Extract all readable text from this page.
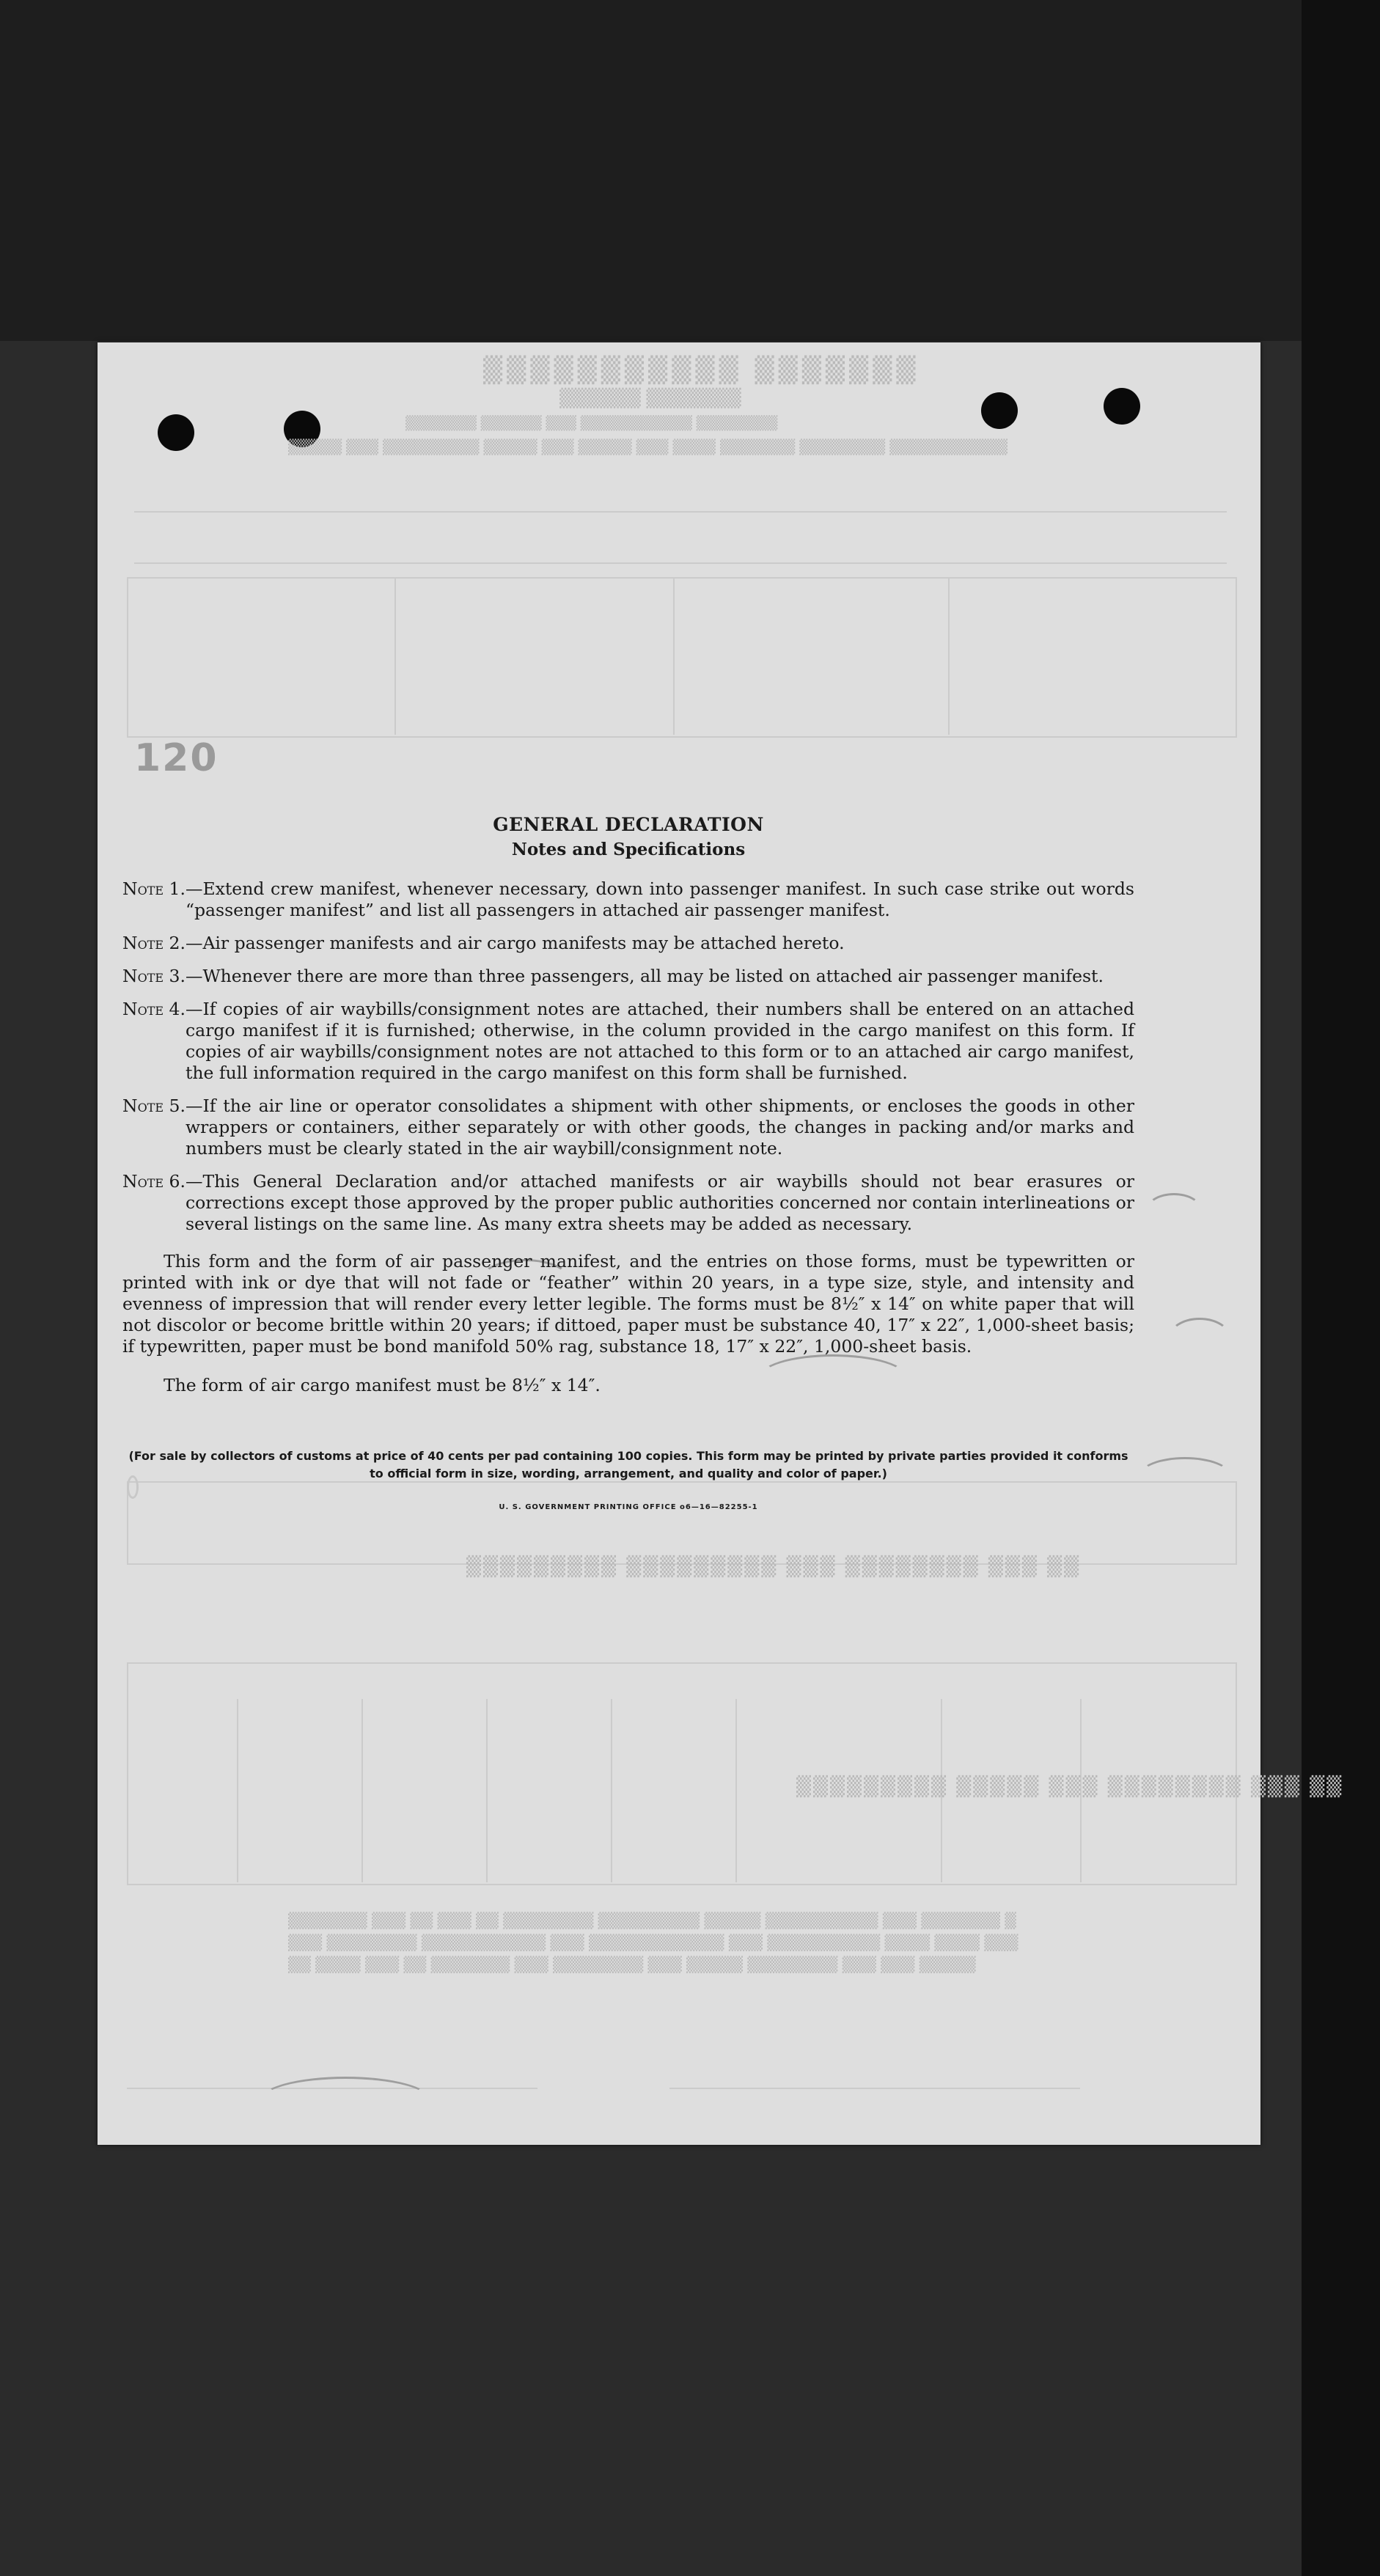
▒▒▒▒▒▒▒ ▒▒▒▒▒▒▒▒▒▒▒
▒▒▒▒▒▒▒ ▒▒▒▒▒▒
▒▒▒▒▒▒▒▒ ▒▒▒▒▒▒▒▒▒▒▒ ▒▒▒ ▒▒▒▒▒▒ ▒▒▒▒▒▒▒
▒▒▒▒▒▒▒▒▒▒▒ ▒▒▒▒▒▒▒▒ ▒▒▒▒▒▒▒ ▒▒▒▒ ▒▒▒ ▒▒▒▒▒ ▒▒▒ ▒▒▒▒▒ ▒▒▒▒▒▒▒▒▒ ▒▒▒ ▒▒▒▒▒
▒▒ ▒▒▒ ▒▒▒▒▒▒▒▒ ▒▒▒ ▒▒▒▒▒▒▒▒▒ ▒▒▒▒▒▒▒▒▒
▒▒ ▒▒▒ ▒▒▒▒▒▒▒▒ ▒▒▒ ▒▒▒▒▒ ▒▒▒▒▒▒▒▒▒
▒ ▒▒▒▒▒▒▒ ▒▒▒ ▒▒▒▒▒▒▒▒▒▒ ▒▒▒▒▒ ▒▒▒▒▒▒▒▒▒ ▒▒▒▒▒▒▒▒ ▒▒ ▒▒▒ ▒▒ ▒▒▒ ▒▒▒▒▒▒▒
▒▒▒ ▒▒▒▒ ▒▒▒▒ ▒▒▒▒▒▒▒▒▒▒ ▒▒▒ ▒▒▒▒▒▒▒▒▒▒▒▒ ▒▒▒ ▒▒▒▒▒▒▒▒▒▒▒ ▒▒▒▒▒▒▒▒ ▒▒▒
▒▒▒▒▒ ▒▒▒ ▒▒▒ ▒▒▒▒▒▒▒▒ ▒▒▒▒▒ ▒▒▒ ▒▒▒▒▒▒▒▒ ▒▒▒ ▒▒▒▒▒▒▒ ▒▒ ▒▒▒ ▒▒▒▒ ▒▒
120
GENERAL DECLARATION
Notes and Specifications
Note 1. —Extend crew manifest, whenever necessary, down into passenger manifest. In such case strike out words “passenger manifest” and list all passengers in attached air passenger manifest.
Note 2. —Air passenger manifests and air cargo manifests may be attached hereto.
Note 3. —Whenever there are more than three passengers, all may be listed on attached air passenger manifest.
Note 4. —If copies of air waybills/consignment notes are attached, their numbers shall be entered on an attached cargo manifest if it is furnished; otherwise, in the column provided in the cargo manifest on this form. If copies of air waybills/consignment notes are not attached to this form or to an attached air cargo manifest, the full information required in the cargo manifest on this form shall be furnished.
Note 5. —If the air line or operator consolidates a shipment with other shipments, or encloses the goods in other wrappers or containers, either separately or with other goods, the changes in packing and/or marks and numbers must be clearly stated in the air waybill/consignment note.
Note 6. —This General Declaration and/or attached manifests or air waybills should not bear erasures or corrections except those approved by the proper public authorities concerned nor contain interlineations or several listings on the same line. As many extra sheets may be added as necessary.

This form and the form of air passenger manifest, and the entries on those forms, must be typewritten or printed with ink or dye that will not fade or “feather” within 20 years, in a type size, style, and intensity and evenness of impression that will render every letter legible. The forms must be 8½″ x 14″ on white paper that will not discolor or become brittle within 20 years; if dittoed, paper must be substance 40, 17″ x 22″, 1,000-sheet basis; if typewritten, paper must be bond manifold 50% rag, substance 18, 17″ x 22″, 1,000-sheet basis.

The form of air cargo manifest must be 8½″ x 14″.

(For sale by collectors of customs at price of 40 cents per pad containing 100 copies. This form may be printed by private parties provided it conforms to official form in size, wording, arrangement, and quality and color of paper.)

U. S. GOVERNMENT PRINTING OFFICE o6—16—82255-1
